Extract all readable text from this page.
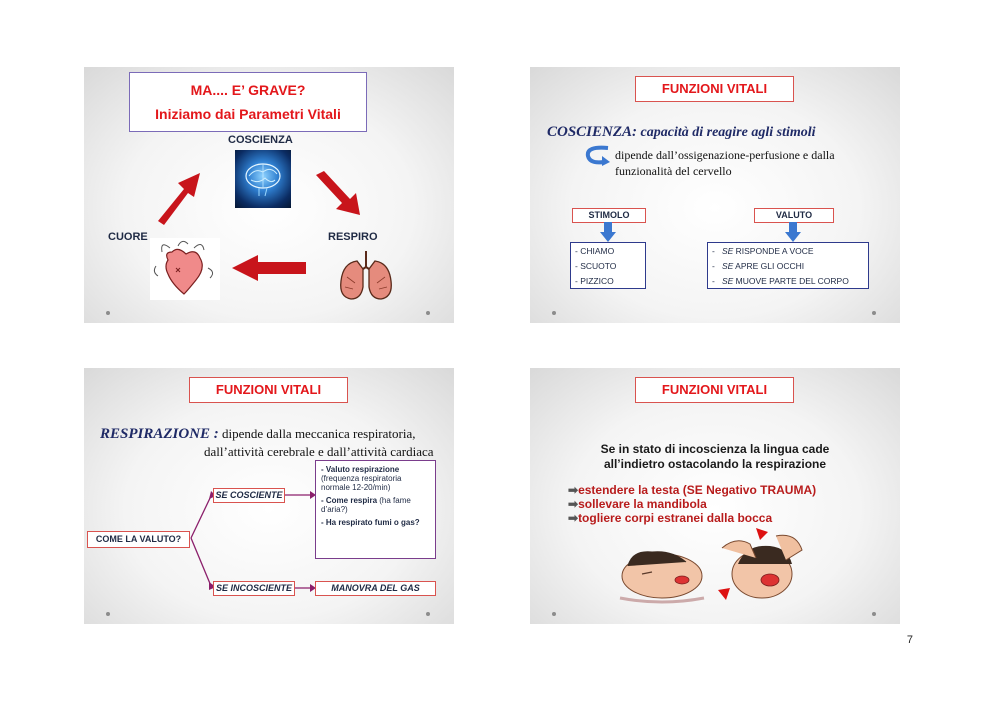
MA.... E’ GRAVE?
Iniziamo dai Parametri Vitali
COSCIENZA
CUORE	RESPIRO
FUNZIONI VITALI
COSCIENZA: capacità di reagire agli stimoli
dipende dall’ossigenazione-perfusione e dalla
funzionalità del cervello
STIMOLO	VALUTO
- CHIAMO
- SCUOTO
- PIZZICO
- SE RISPONDE A VOCE
- SE APRE GLI OCCHI
- SE MUOVE PARTE DEL CORPO
FUNZIONI VITALI
RESPIRAZIONE : dipende dalla meccanica respiratoria,
dall’attività cerebrale e dall’attività cardiaca
COME LA VALUTO?
SE COSCIENTE
SE INCOSCIENTE	MANOVRA DEL GAS
- Valuto respirazione
(frequenza respiratoria normale 12-20/min)
- Come respira (ha fame d’aria?)
- Ha respirato fumi o gas?
FUNZIONI VITALI
Se in stato di incoscienza la lingua cade
all’indietro ostacolando la respirazione
➡estendere la testa (SE Negativo TRAUMA)
➡sollevare la mandibola
➡togliere corpi estranei dalla bocca
7
